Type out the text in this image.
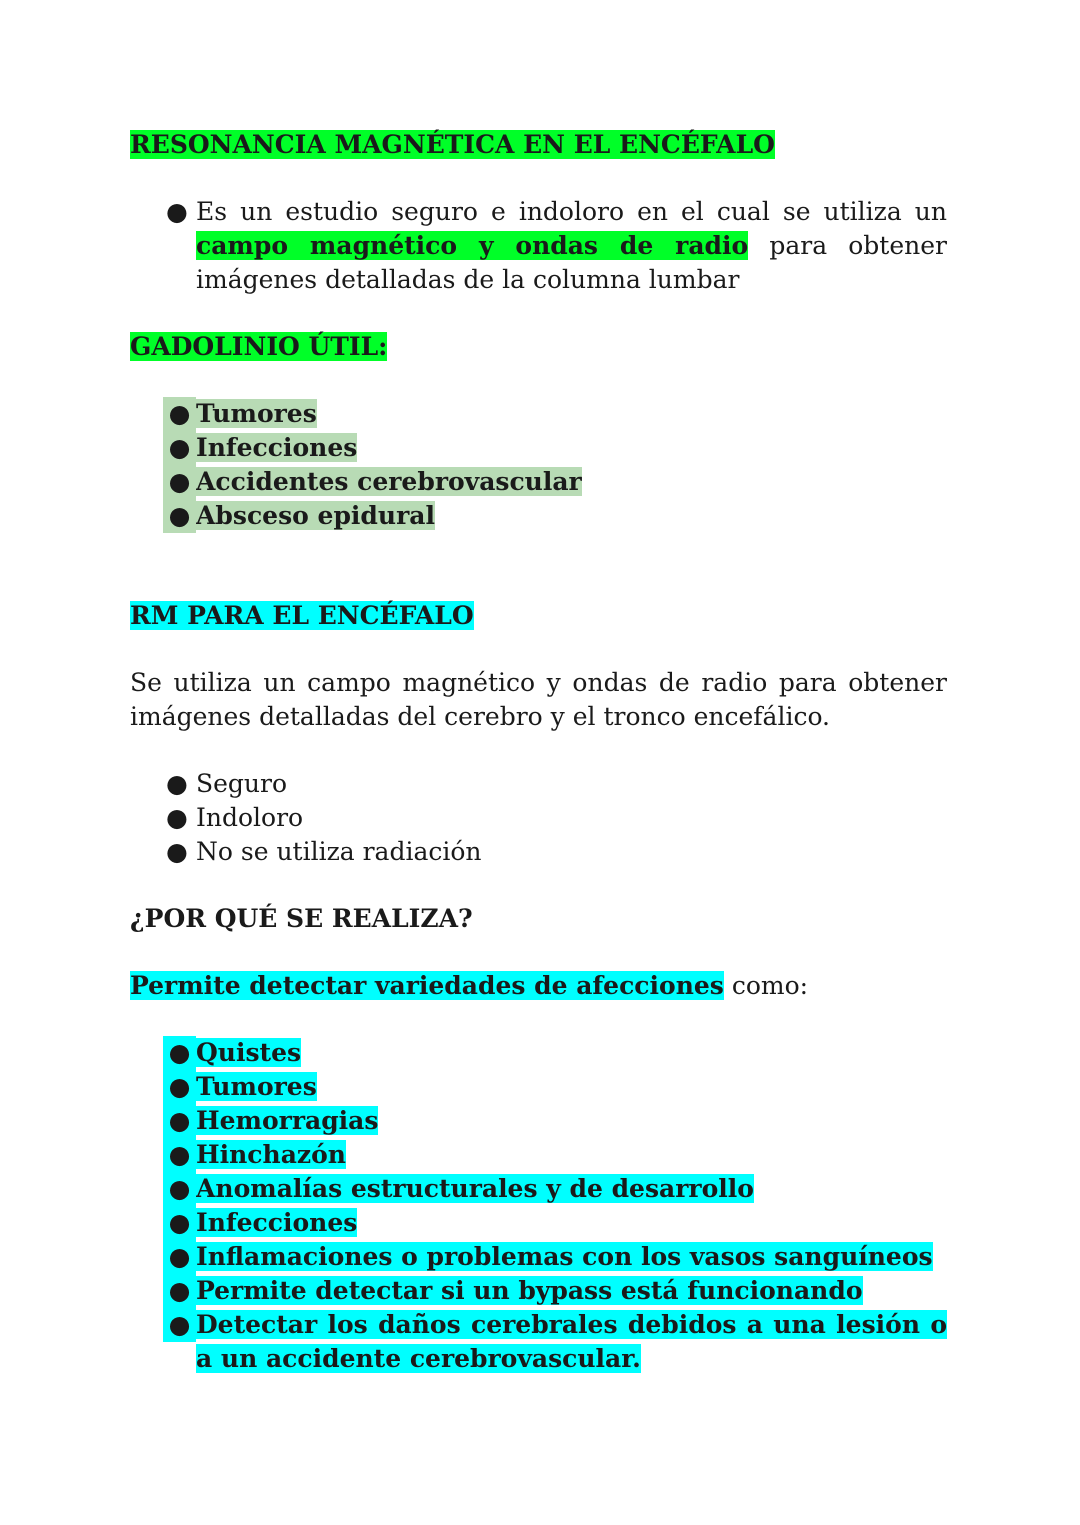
RESONANCIA MAGNÉTICA EN EL ENCÉFALO

● Es un estudio seguro e indoloro en el cual se utiliza un campo magnético y ondas de radio para obtener imágenes detalladas de la columna lumbar

GADOLINIO ÚTIL:

● Tumores
● Infecciones
● Accidentes cerebrovascular
● Absceso epidural

RM PARA EL ENCÉFALO

Se utiliza un campo magnético y ondas de radio para obtener imágenes detalladas del cerebro y el tronco encefálico.

● Seguro
● Indoloro
● No se utiliza radiación

¿POR QUÉ SE REALIZA?

Permite detectar variedades de afecciones como:

● Quistes
● Tumores
● Hemorragias
● Hinchazón
● Anomalías estructurales y de desarrollo
● Infecciones
● Inflamaciones o problemas con los vasos sanguíneos
● Permite detectar si un bypass está funcionando
● Detectar los daños cerebrales debidos a una lesión o a un accidente cerebrovascular.
